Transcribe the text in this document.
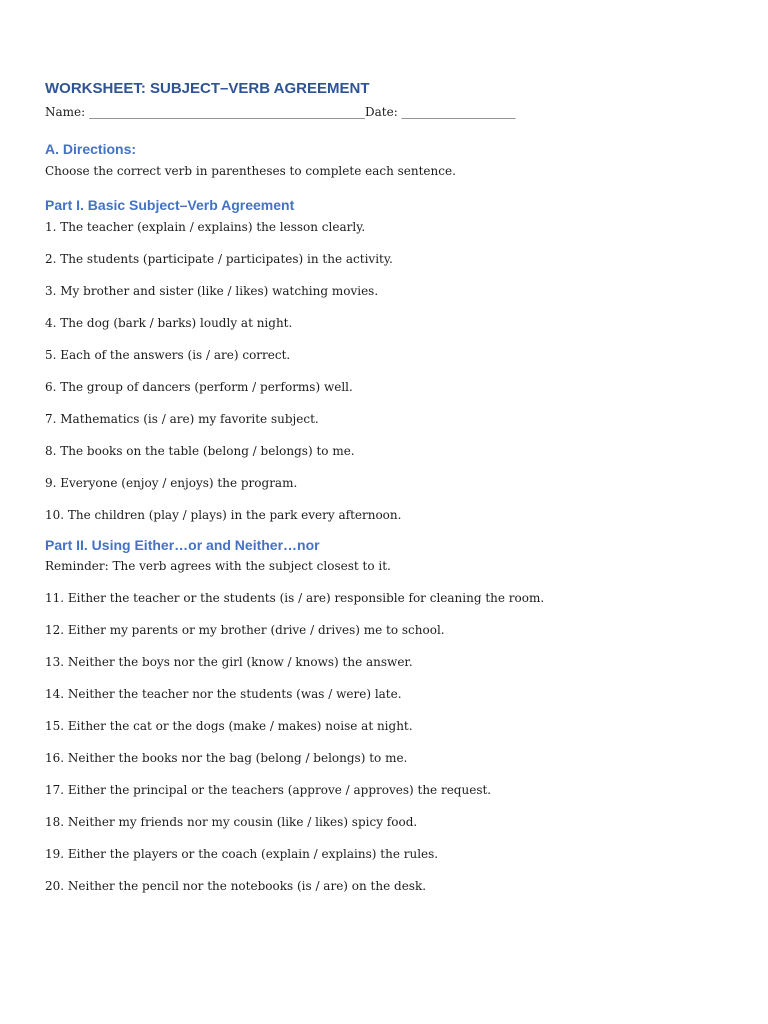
WORKSHEET: SUBJECT–VERB AGREEMENT
Name: ______________________________________________Date: ___________________
A. Directions:
Choose the correct verb in parentheses to complete each sentence.
Part I. Basic Subject–Verb Agreement
1. The teacher (explain / explains) the lesson clearly.
2. The students (participate / participates) in the activity.
3. My brother and sister (like / likes) watching movies.
4. The dog (bark / barks) loudly at night.
5. Each of the answers (is / are) correct.
6. The group of dancers (perform / performs) well.
7. Mathematics (is / are) my favorite subject.
8. The books on the table (belong / belongs) to me.
9. Everyone (enjoy / enjoys) the program.
10. The children (play / plays) in the park every afternoon.
Part II. Using Either…or and Neither…nor
Reminder: The verb agrees with the subject closest to it.
11. Either the teacher or the students (is / are) responsible for cleaning the room.
12. Either my parents or my brother (drive / drives) me to school.
13. Neither the boys nor the girl (know / knows) the answer.
14. Neither the teacher nor the students (was / were) late.
15. Either the cat or the dogs (make / makes) noise at night.
16. Neither the books nor the bag (belong / belongs) to me.
17. Either the principal or the teachers (approve / approves) the request.
18. Neither my friends nor my cousin (like / likes) spicy food.
19. Either the players or the coach (explain / explains) the rules.
20. Neither the pencil nor the notebooks (is / are) on the desk.
